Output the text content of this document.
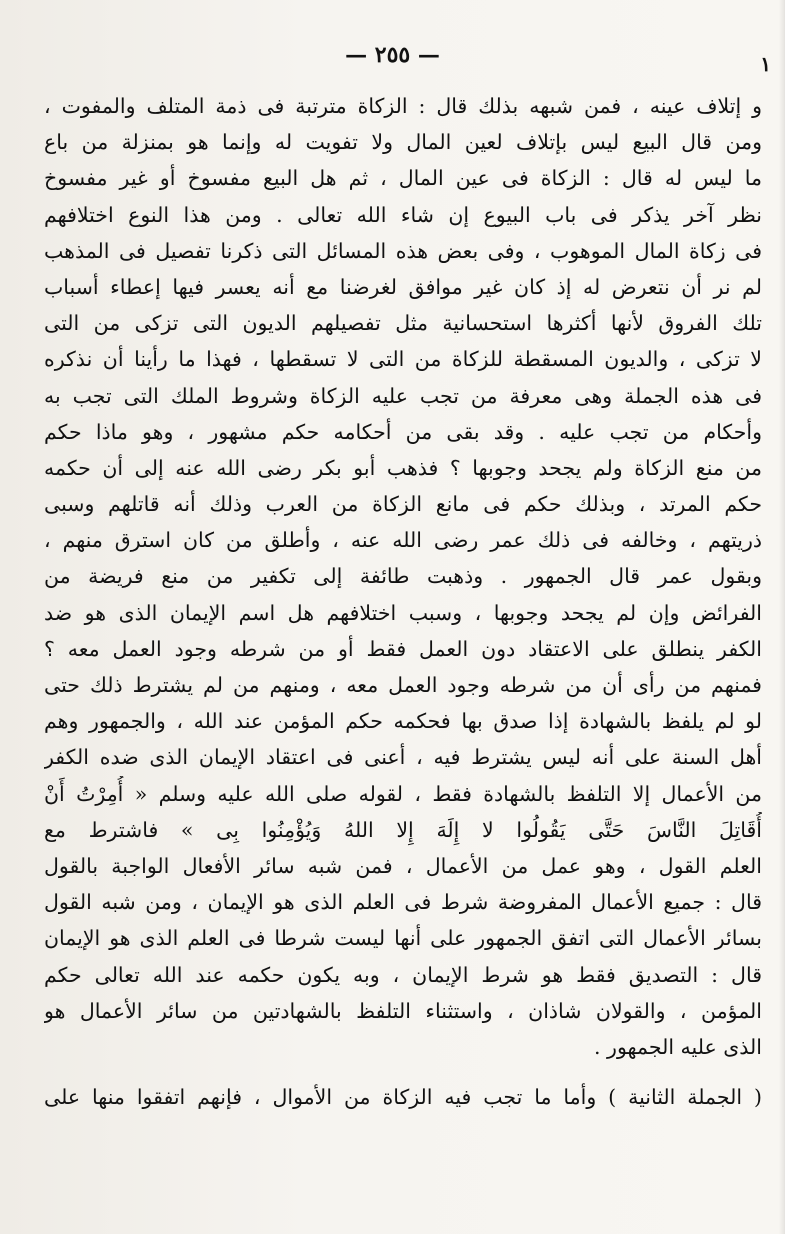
١
— ٢٥٥ —
و إتلاف عينه ، فمن شبهه بذلك قال : الزكاة مترتبة فى ذمة المتلف والمفوت ،
ومن قال البيع ليس بإتلاف لعين المال ولا تفويت له وإنما هو بمنزلة من باع
ما ليس له قال : الزكاة فى عين المال ، ثم هل البيع مفسوخ أو غير مفسوخ
نظر آخر يذكر فى باب البيوع إن شاء الله تعالى . ومن هذا النوع اختلافهم
فى زكاة المال الموهوب ، وفى بعض هذه المسائل التى ذكرنا تفصيل فى المذهب
لم نر أن نتعرض له إذ كان غير موافق لغرضنا مع أنه يعسر فيها إعطاء أسباب
تلك الفروق لأنها أكثرها استحسانية مثل تفصيلهم الديون التى تزكى من التى
لا تزكى ، والديون المسقطة للزكاة من التى لا تسقطها ، فهذا ما رأينا أن نذكره
فى هذه الجملة وهى معرفة من تجب عليه الزكاة وشروط الملك التى تجب به
وأحكام من تجب عليه . وقد بقى من أحكامه حكم مشهور ، وهو ماذا حكم
من منع الزكاة ولم يجحد وجوبها ؟ فذهب أبو بكر رضى الله عنه إلى أن حكمه
حكم المرتد ، وبذلك حكم فى مانع الزكاة من العرب وذلك أنه قاتلهم وسبى
ذريتهم ، وخالفه فى ذلك عمر رضى الله عنه ، وأطلق من كان استرق منهم ،
وبقول عمر قال الجمهور . وذهبت طائفة إلى تكفير من منع فريضة من
الفرائض وإن لم يجحد وجوبها ، وسبب اختلافهم هل اسم الإيمان الذى هو ضد
الكفر ينطلق على الاعتقاد دون العمل فقط أو من شرطه وجود العمل معه ؟
فمنهم من رأى أن من شرطه وجود العمل معه ، ومنهم من لم يشترط ذلك حتى
لو لم يلفظ بالشهادة إذا صدق بها فحكمه حكم المؤمن عند الله ، والجمهور وهم
أهل السنة على أنه ليس يشترط فيه ، أعنى فى اعتقاد الإيمان الذى ضده الكفر
من الأعمال إلا التلفظ بالشهادة فقط ، لقوله صلى الله عليه وسلم « أُمِرْتُ أَنْ
أُقَاتِلَ النَّاسَ حَتَّى يَقُولُوا لا إِلَهَ إِلا اللهُ وَيُؤْمِنُوا بِى » فاشترط مع
العلم القول ، وهو عمل من الأعمال ، فمن شبه سائر الأفعال الواجبة بالقول
قال : جميع الأعمال المفروضة شرط فى العلم الذى هو الإيمان ، ومن شبه القول
بسائر الأعمال التى اتفق الجمهور على أنها ليست شرطا فى العلم الذى هو الإيمان
قال : التصديق فقط هو شرط الإيمان ، وبه يكون حكمه عند الله تعالى حكم
المؤمن ، والقولان شاذان ، واستثناء التلفظ بالشهادتين من سائر الأعمال هو
الذى عليه الجمهور .
( الجملة الثانية ) وأما ما تجب فيه الزكاة من الأموال ، فإنهم اتفقوا منها على
